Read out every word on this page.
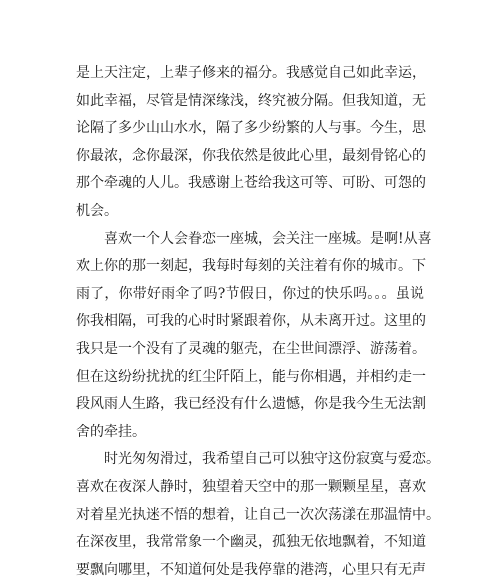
是上天注定，上辈子修来的福分。我感觉自己如此幸运，
如此幸福，尽管是情深缘浅，终究被分隔。但我知道，无
论隔了多少山山水水，隔了多少纷繁的人与事。今生，思
你最浓，念你最深，你我依然是彼此心里，最刻骨铭心的
那个牵魂的人儿。我感谢上苍给我这可等、可盼、可怨的
机会。
喜欢一个人会眷恋一座城，会关注一座城。是啊!从喜
欢上你的那一刻起，我每时每刻的关注着有你的城市。下
雨了，你带好雨伞了吗?节假日，你过的快乐吗。。。虽说
你我相隔，可我的心时时紧跟着你，从未离开过。这里的
我只是一个没有了灵魂的躯壳，在尘世间漂浮、游荡着。
但在这纷纷扰扰的红尘阡陌上，能与你相遇，并相约走一
段风雨人生路，我已经没有什么遗憾，你是我今生无法割
舍的牵挂。
时光匆匆滑过，我希望自己可以独守这份寂寞与爱恋。
喜欢在夜深人静时，独望着天空中的那一颗颗星星，喜欢
对着星光执迷不悟的想着，让自己一次次荡漾在那温情中。
在深夜里，我常常象一个幽灵，孤独无依地飘着，不知道
要飘向哪里，不知道何处是我停靠的港湾，心里只有无声
